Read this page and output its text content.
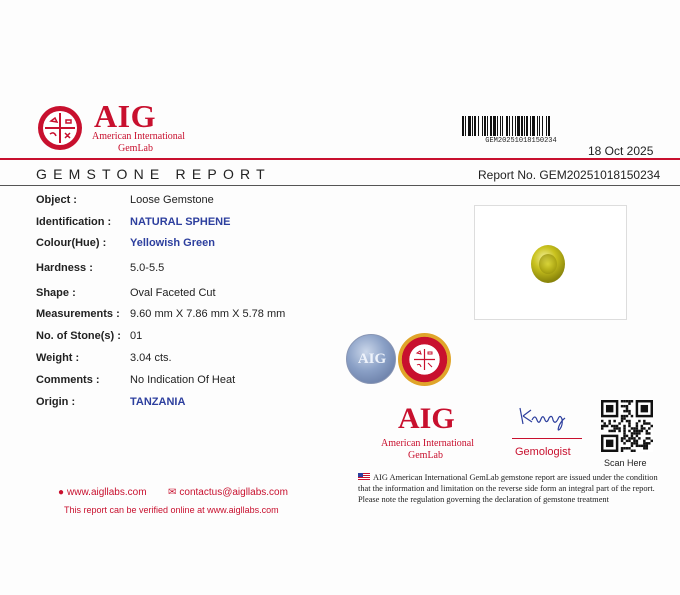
AIG
American International
GemLab
GEM20251018150234
18 Oct 2025
GEMSTONE REPORT	Report No. GEM20251018150234
Object :	Loose Gemstone
Identification : NATURAL SPHENE
Colour(Hue) : Yellowish Green
Hardness :	5.0-5.5
Shape :	Oval Faceted Cut
Measurements : 9.60 mm X 7.86 mm X 5.78 mm
No. of Stone(s) : 01
Weight :	3.04 cts.
Comments :	No Indication Of Heat
Origin :	TANZANIA
AIG
AIG
American International
GemLab	Gemologist
Scan Here
AIG American International GemLab gemstone report are issued under the condition that the information and limitation on the reverse side form an integral part of the report. Please note the regulation governing the declaration of gemstone treatment
● www.aigllabs.com ✉ contactus@aigllabs.com
This report can be verified online at www.aigllabs.com
